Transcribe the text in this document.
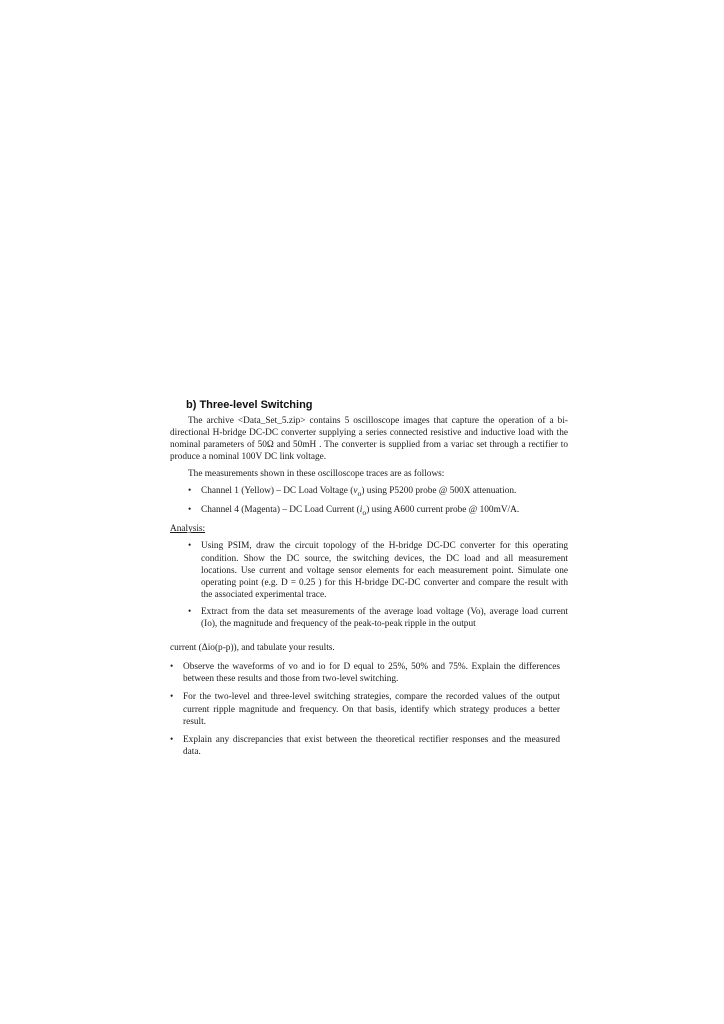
b) Three-level Switching

The archive <Data_Set_5.zip> contains 5 oscilloscope images that capture the operation of a bi-directional H-bridge DC-DC converter supplying a series connected resistive and inductive load with the nominal parameters of 50Ω and 50mH . The converter is supplied from a variac set through a rectifier to produce a nominal 100V DC link voltage.

The measurements shown in these oscilloscope traces are as follows:

• Channel 1 (Yellow) – DC Load Voltage $(v_o)$ using P5200 probe @ 500X attenuation.
• Channel 4 (Magenta) – DC Load Current $(i_o)$ using A600 current probe @ 100mV/A.
Analysis:
• Using PSIM, draw the circuit topology of the H-bridge DC-DC converter for this operating condition. Show the DC source, the switching devices, the DC load and all measurement locations. Use current and voltage sensor elements for each measurement point. Simulate one operating point (e.g. D = 0.25 ) for this H-bridge DC-DC converter and compare the result with the associated experimental trace.
• Extract from the data set measurements of the average load voltage (Vo), average load current (Io), the magnitude and frequency of the peak-to-peak ripple in the output
current (Δio(p-p)), and tabulate your results.
• Observe the waveforms of vo and io for D equal to 25%, 50% and 75%. Explain the differences between these results and those from two-level switching.
• For the two-level and three-level switching strategies, compare the recorded values of the output current ripple magnitude and frequency. On that basis, identify which strategy produces a better result.
• Explain any discrepancies that exist between the theoretical rectifier responses and the measured data.
